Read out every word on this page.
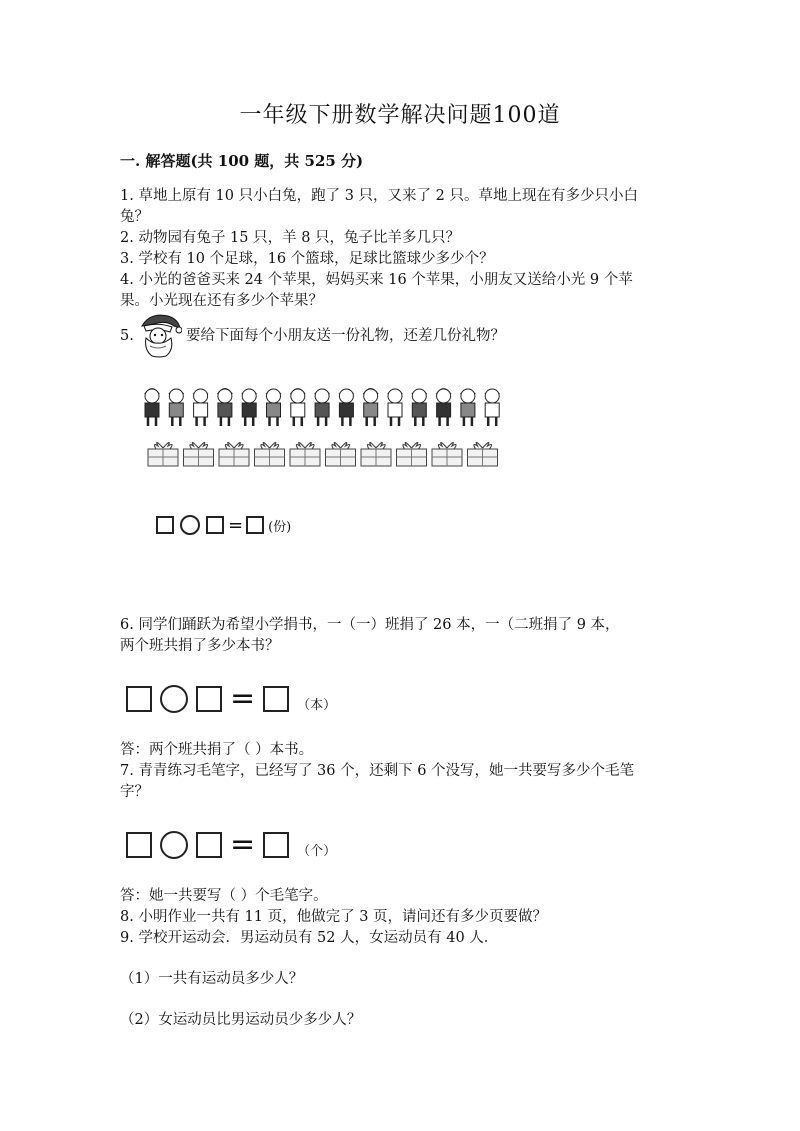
一年级下册数学解决问题100道
一. 解答题(共 100 题，共 525 分)
1. 草地上原有 10 只小白兔，跑了 3 只，又来了 2 只。草地上现在有多少只小白
兔？
2. 动物园有兔子 15 只，羊 8 只，兔子比羊多几只？
3. 学校有 10 个足球，16 个篮球，足球比篮球少多少个？
4. 小光的爸爸买来 24 个苹果，妈妈买来 16 个苹果，小朋友又送给小光 9 个苹
果。小光现在还有多少个苹果？
5.	要给下面每个小朋友送一份礼物，还差几份礼物？
= (份)
6. 同学们踊跃为希望小学捐书，一（一）班捐了 26 本，一（二班捐了 9 本，
两个班共捐了多少本书？
=	（本）
答：两个班共捐了（ ）本书。
7. 青青练习毛笔字，已经写了 36 个，还剩下 6 个没写，她一共要写多少个毛笔
字？
=	（个）
答：她一共要写（ ）个毛笔字。
8. 小明作业一共有 11 页，他做完了 3 页，请问还有多少页要做？
9. 学校开运动会．男运动员有 52 人，女运动员有 40 人．
（1）一共有运动员多少人？
（2）女运动员比男运动员少多少人？
